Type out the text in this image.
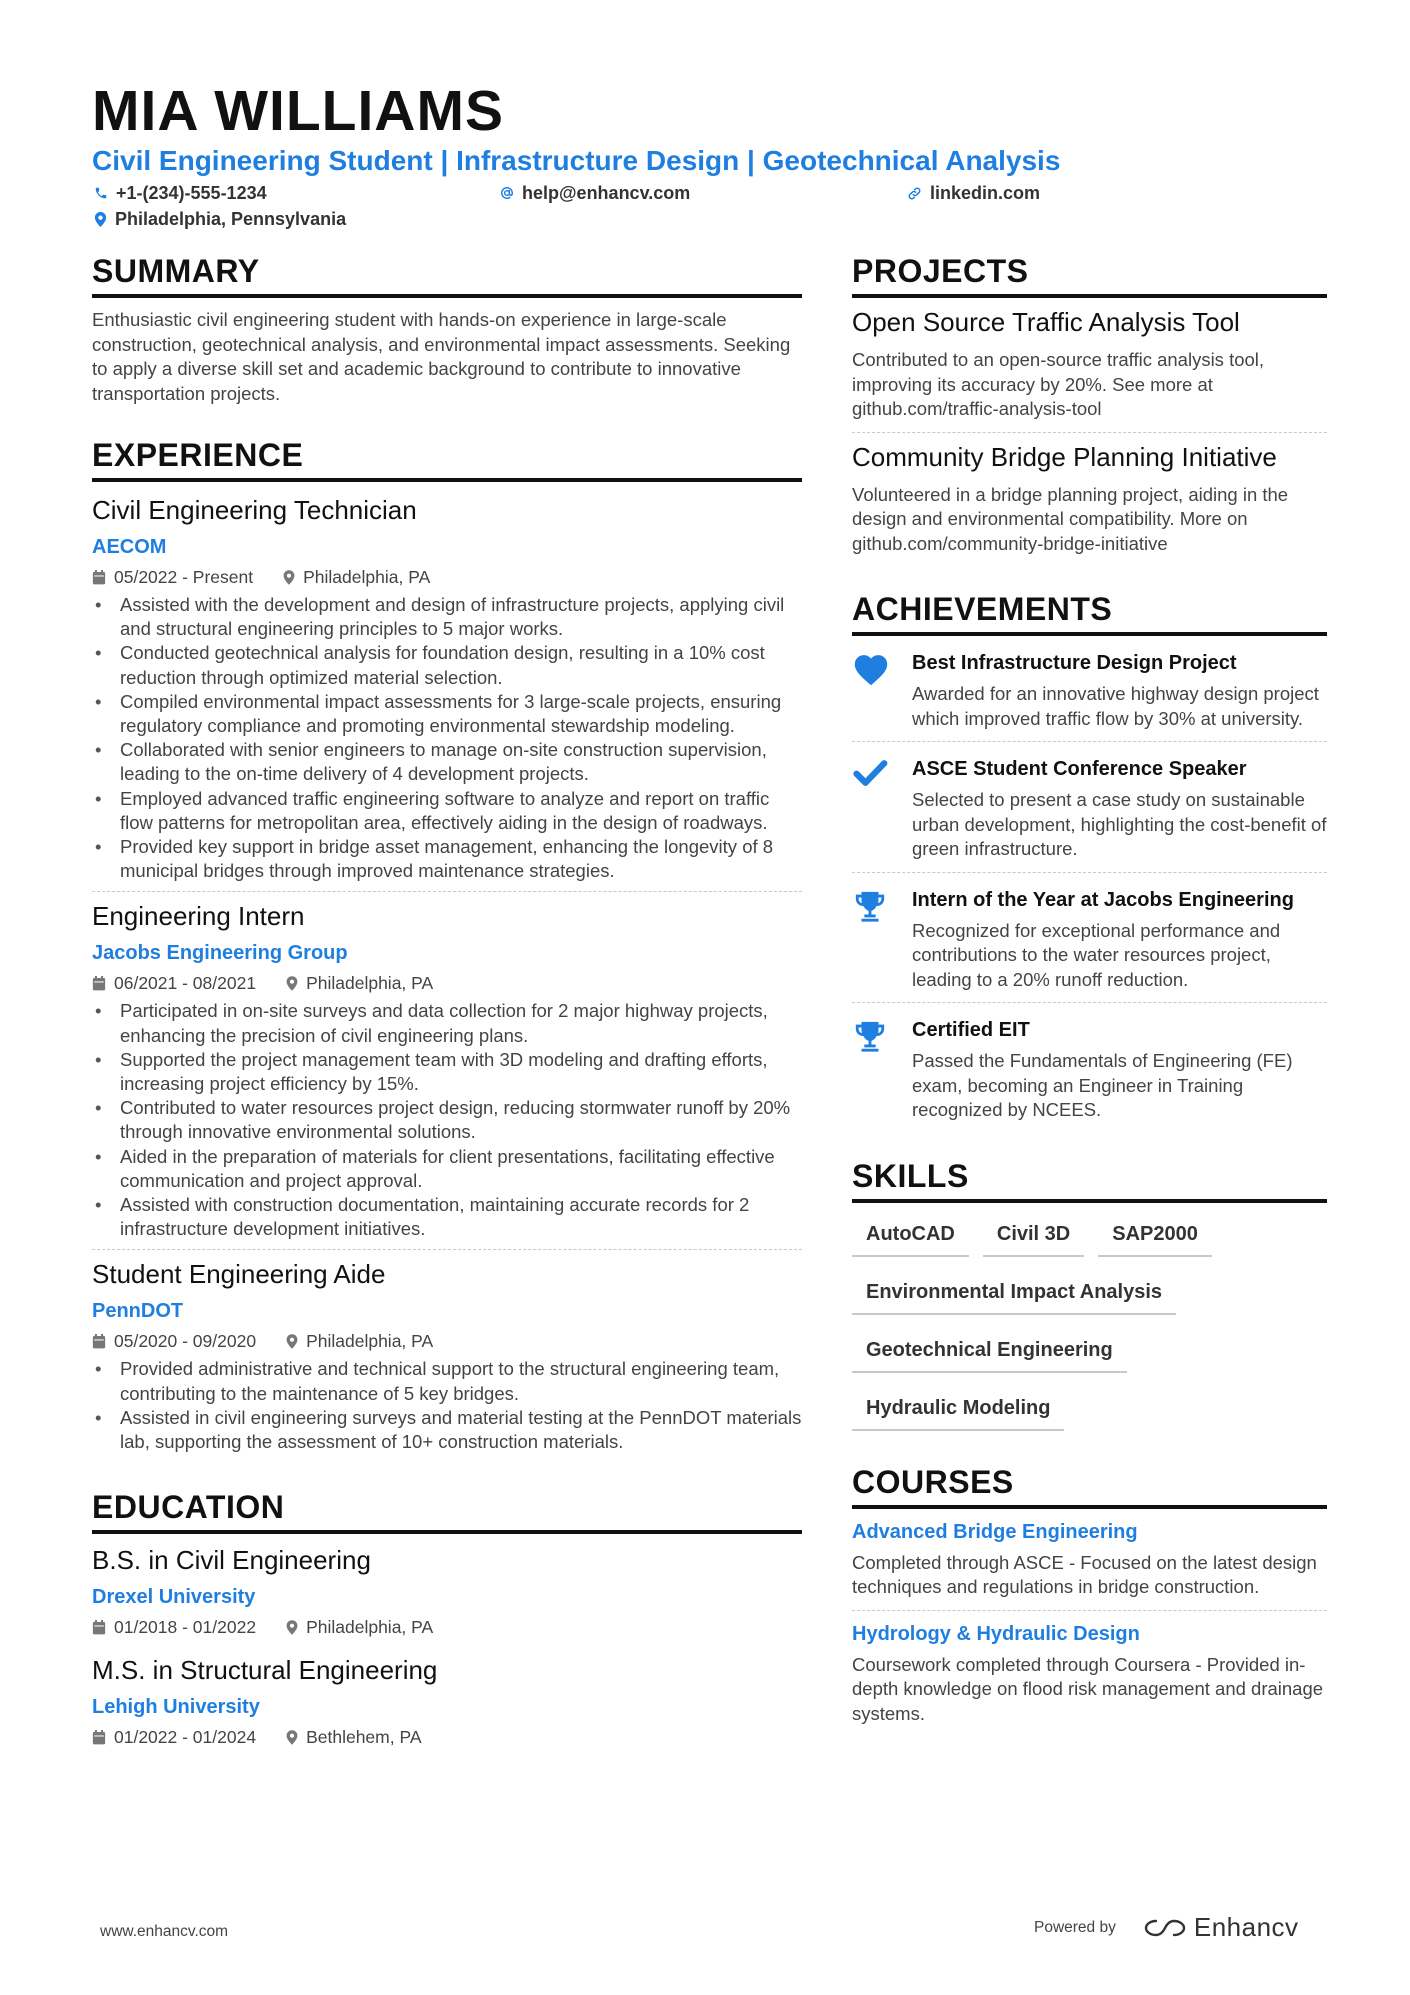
MIA WILLIAMS
Civil Engineering Student | Infrastructure Design | Geotechnical Analysis
+1-(234)-555-1234	help@enhancv.com	linkedin.com
Philadelphia, Pennsylvania
SUMMARY
Enthusiastic civil engineering student with hands-on experience in large-scale construction, geotechnical analysis, and environmental impact assessments. Seeking to apply a diverse skill set and academic background to contribute to innovative transportation projects.
EXPERIENCE
Civil Engineering Technician
AECOM
05/2022 - Present	Philadelphia, PA
• Assisted with the development and design of infrastructure projects, applying civil and structural engineering principles to 5 major works.
• Conducted geotechnical analysis for foundation design, resulting in a 10% cost reduction through optimized material selection.
• Compiled environmental impact assessments for 3 large-scale projects, ensuring regulatory compliance and promoting environmental stewardship modeling.
• Collaborated with senior engineers to manage on-site construction supervision, leading to the on-time delivery of 4 development projects.
• Employed advanced traffic engineering software to analyze and report on traffic flow patterns for metropolitan area, effectively aiding in the design of roadways.
• Provided key support in bridge asset management, enhancing the longevity of 8 municipal bridges through improved maintenance strategies.
Engineering Intern
Jacobs Engineering Group
06/2021 - 08/2021	Philadelphia, PA
• Participated in on-site surveys and data collection for 2 major highway projects, enhancing the precision of civil engineering plans.
• Supported the project management team with 3D modeling and drafting efforts, increasing project efficiency by 15%.
• Contributed to water resources project design, reducing stormwater runoff by 20% through innovative environmental solutions.
• Aided in the preparation of materials for client presentations, facilitating effective communication and project approval.
• Assisted with construction documentation, maintaining accurate records for 2 infrastructure development initiatives.
Student Engineering Aide
PennDOT
05/2020 - 09/2020	Philadelphia, PA
• Provided administrative and technical support to the structural engineering team, contributing to the maintenance of 5 key bridges.
• Assisted in civil engineering surveys and material testing at the PennDOT materials lab, supporting the assessment of 10+ construction materials.
EDUCATION
B.S. in Civil Engineering
Drexel University
01/2018 - 01/2022	Philadelphia, PA
M.S. in Structural Engineering
Lehigh University
01/2022 - 01/2024	Bethlehem, PA
PROJECTS
Open Source Traffic Analysis Tool
Contributed to an open-source traffic analysis tool, improving its accuracy by 20%. See more at github.com/traffic-analysis-tool
Community Bridge Planning Initiative
Volunteered in a bridge planning project, aiding in the design and environmental compatibility. More on github.com/community-bridge-initiative
ACHIEVEMENTS
Best Infrastructure Design Project
Awarded for an innovative highway design project which improved traffic flow by 30% at university.
ASCE Student Conference Speaker
Selected to present a case study on sustainable urban development, highlighting the cost-benefit of green infrastructure.
Intern of the Year at Jacobs Engineering
Recognized for exceptional performance and contributions to the water resources project, leading to a 20% runoff reduction.
Certified EIT
Passed the Fundamentals of Engineering (FE) exam, becoming an Engineer in Training recognized by NCEES.
SKILLS
AutoCAD	Civil 3D	SAP2000
Environmental Impact Analysis
Geotechnical Engineering
Hydraulic Modeling
COURSES
Advanced Bridge Engineering
Completed through ASCE - Focused on the latest design techniques and regulations in bridge construction.
Hydrology & Hydraulic Design
Coursework completed through Coursera - Provided in-depth knowledge on flood risk management and drainage systems.
www.enhancv.com	Powered by	Enhancv
